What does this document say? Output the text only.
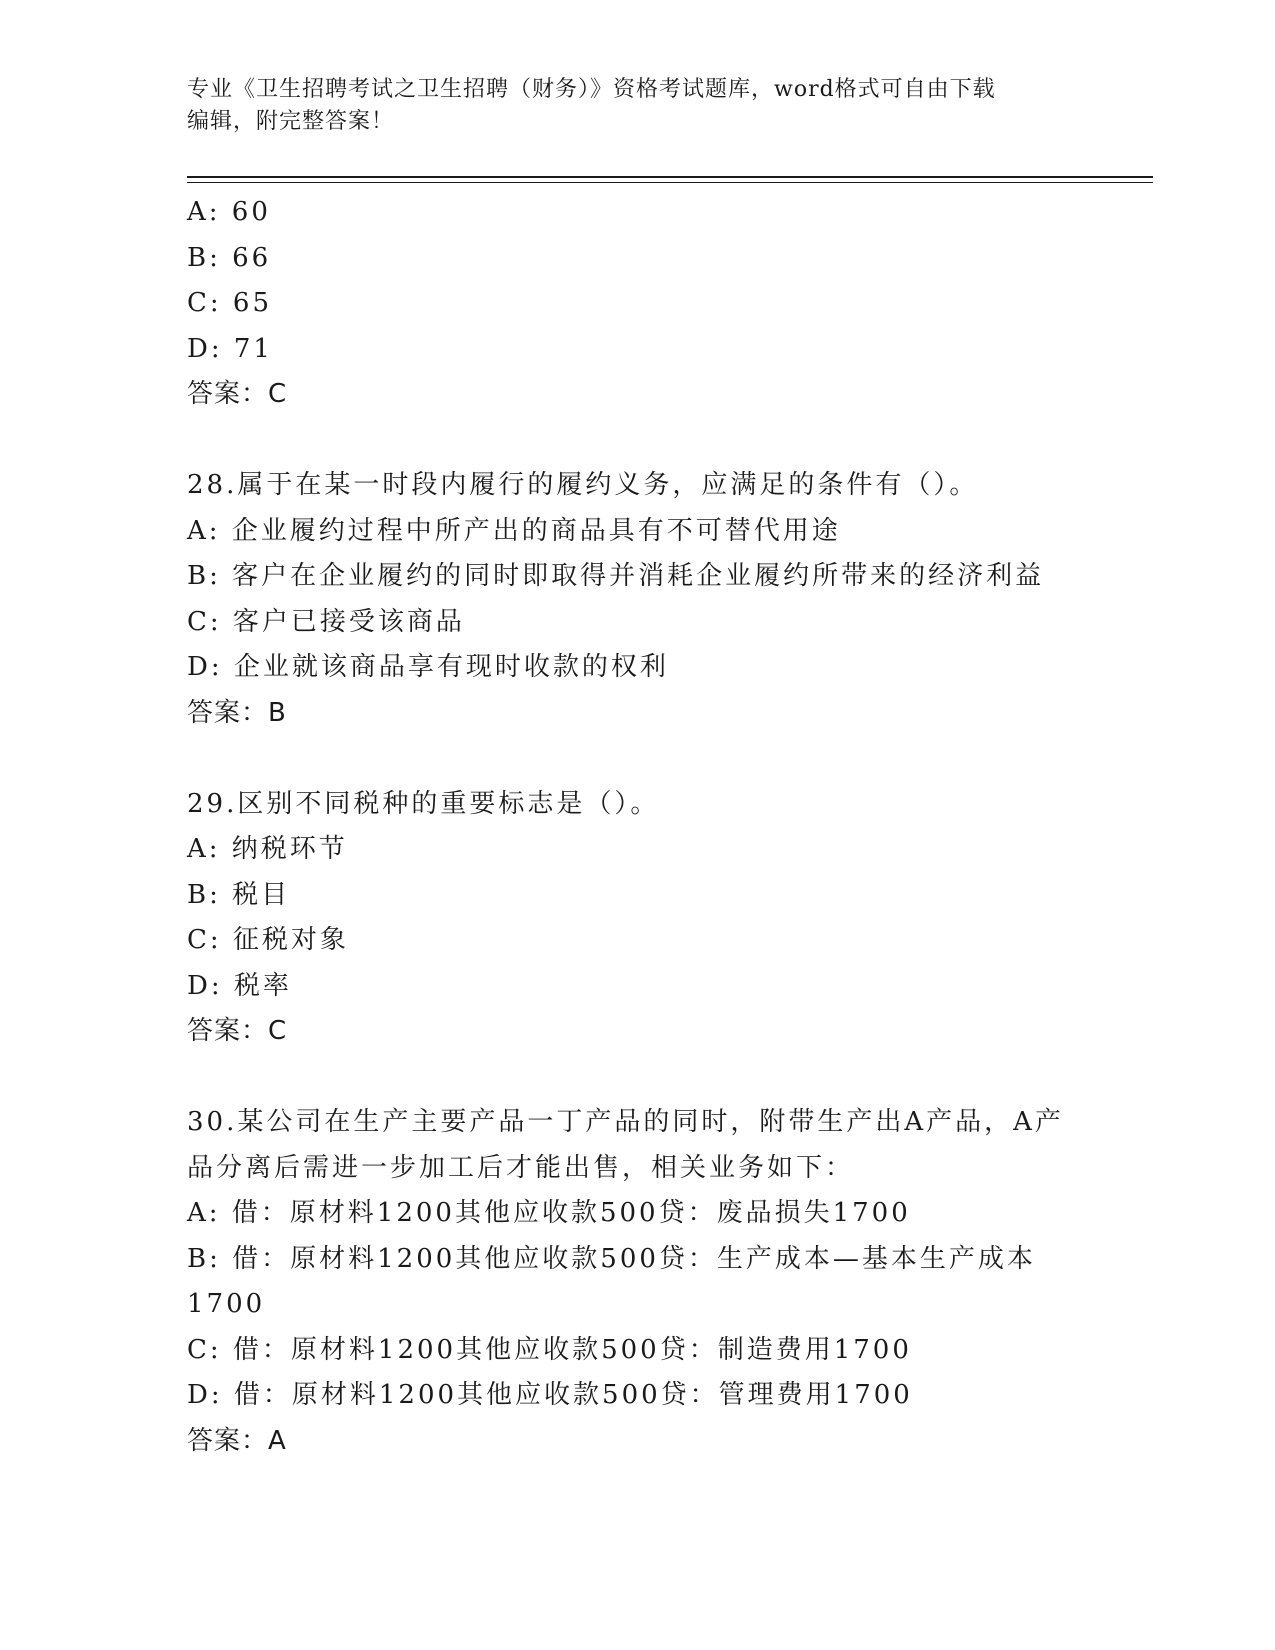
专业《卫生招聘考试之卫生招聘（财务）》资格考试题库，word格式可自由下载
编辑，附完整答案！
A: 60
B: 66
C: 65
D: 71
答案：C
28.属于在某一时段内履行的履约义务，应满足的条件有（）。
A: 企业履约过程中所产出的商品具有不可替代用途
B: 客户在企业履约的同时即取得并消耗企业履约所带来的经济利益
C: 客户已接受该商品
D: 企业就该商品享有现时收款的权利
答案：B
29.区别不同税种的重要标志是（）。
A: 纳税环节
B: 税目
C: 征税对象
D: 税率
答案：C
30.某公司在生产主要产品一丁产品的同时，附带生产出A产品，A产
品分离后需进一步加工后才能出售，相关业务如下：
A: 借：原材料1200其他应收款500贷：废品损失1700
B: 借：原材料1200其他应收款500贷：生产成本—基本生产成本
1700
C: 借：原材料1200其他应收款500贷：制造费用1700
D: 借：原材料1200其他应收款500贷：管理费用1700
答案：A
